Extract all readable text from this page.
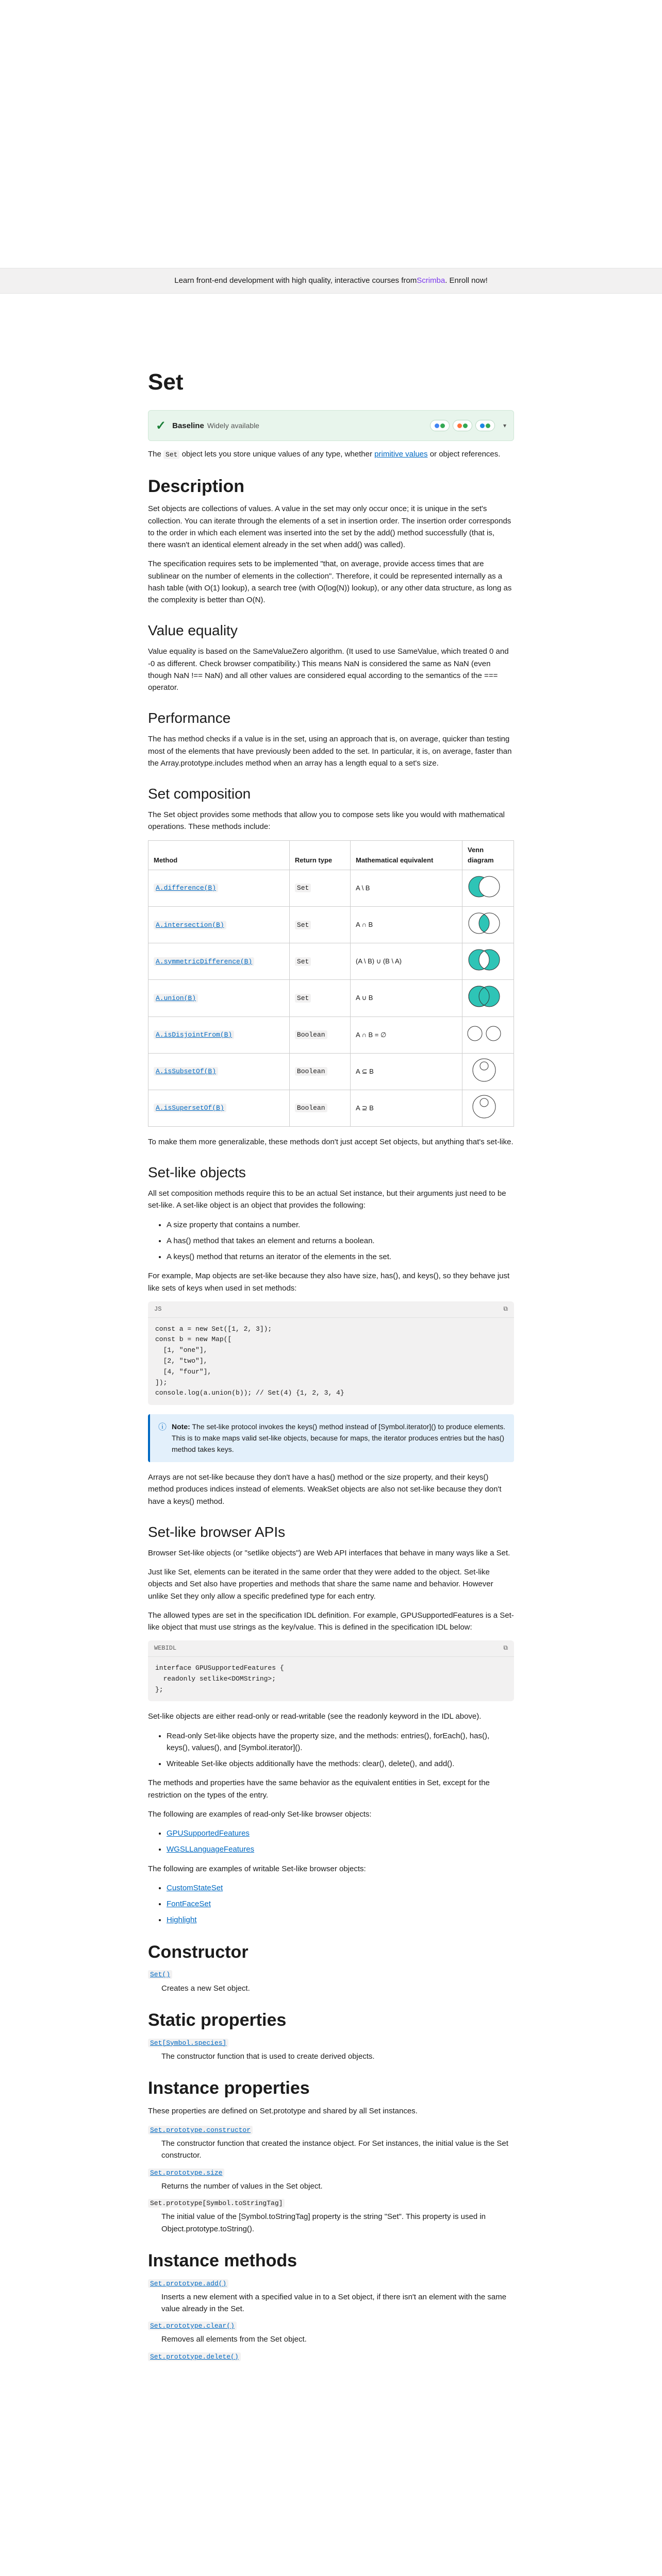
Learn front-end development with high quality, interactive courses from Scrimba . Enroll now!
Set
✓ Baseline Widely available	▾

The Set object lets you store unique values of any type, whether primitive values or object references.

Description

Set objects are collections of values. A value in the set may only occur once; it is unique in the set's collection. You can iterate through the elements of a set in insertion order. The insertion order corresponds to the order in which each element was inserted into the set by the add() method successfully (that is, there wasn't an identical element already in the set when add() was called).

The specification requires sets to be implemented "that, on average, provide access times that are sublinear on the number of elements in the collection". Therefore, it could be represented internally as a hash table (with O(1) lookup), a search tree (with O(log(N)) lookup), or any other data structure, as long as the complexity is better than O(N).

Value equality

Value equality is based on the SameValueZero algorithm. (It used to use SameValue, which treated 0 and -0 as different. Check browser compatibility.) This means NaN is considered the same as NaN (even though NaN !== NaN) and all other values are considered equal according to the semantics of the === operator.

Performance

The has method checks if a value is in the set, using an approach that is, on average, quicker than testing most of the elements that have previously been added to the set. In particular, it is, on average, faster than the Array.prototype.includes method when an array has a length equal to a set's size.

Set composition

The Set object provides some methods that allow you to compose sets like you would with mathematical operations. These methods include:

Method	Return type	Mathematical equivalent	Venn diagram
A.difference(B)	Set	A \ B	
A.intersection(B)	Set	A ∩ B	
A.symmetricDifference(B)	Set	(A \ B) ∪ (B \ A)	
A.union(B)	Set	A ∪ B	
A.isDisjointFrom(B)	Boolean	A ∩ B = ∅	
A.isSubsetOf(B)	Boolean	A ⊆ B	
A.isSupersetOf(B)	Boolean	A ⊇ B	

To make them more generalizable, these methods don't just accept Set objects, but anything that's set-like.

Set-like objects

All set composition methods require this to be an actual Set instance, but their arguments just need to be set-like. A set-like object is an object that provides the following:

• A size property that contains a number.
• A has() method that takes an element and returns a boolean.
• A keys() method that returns an iterator of the elements in the set.

For example, Map objects are set-like because they also have size, has(), and keys(), so they behave just like sets of keys when used in set methods:

JS	⧉
const a = new Set([1, 2, 3]);
const b = new Map([
[1, "one"],
[2, "two"],
[4, "four"],
]);
console.log(a.union(b)); // Set(4) {1, 2, 3, 4}
ⓘ Note: The set-like protocol invokes the keys() method instead of [Symbol.iterator]() to produce elements. This is to make maps valid set-like objects, because for maps, the iterator produces entries but the has() method takes keys.

Arrays are not set-like because they don't have a has() method or the size property, and their keys() method produces indices instead of elements. WeakSet objects are also not set-like because they don't have a keys() method.

Set-like browser APIs

Browser Set-like objects (or "setlike objects") are Web API interfaces that behave in many ways like a Set.

Just like Set, elements can be iterated in the same order that they were added to the object. Set-like objects and Set also have properties and methods that share the same name and behavior. However unlike Set they only allow a specific predefined type for each entry.

The allowed types are set in the specification IDL definition. For example, GPUSupportedFeatures is a Set-like object that must use strings as the key/value. This is defined in the specification IDL below:

WEBIDL	⧉
interface GPUSupportedFeatures {
readonly setlike<DOMString>;
};

Set-like objects are either read-only or read-writable (see the readonly keyword in the IDL above).

• Read-only Set-like objects have the property size, and the methods: entries(), forEach(), has(), keys(), values(), and [Symbol.iterator]().
• Writeable Set-like objects additionally have the methods: clear(), delete(), and add().

The methods and properties have the same behavior as the equivalent entities in Set, except for the restriction on the types of the entry.

The following are examples of read-only Set-like browser objects:

• GPUSupportedFeatures
• WGSLLanguageFeatures

The following are examples of writable Set-like browser objects:

• CustomStateSet
• FontFaceSet
• Highlight
Constructor
Set()
Creates a new Set object.
Static properties
Set[Symbol.species]
The constructor function that is used to create derived objects.
Instance properties

These properties are defined on Set.prototype and shared by all Set instances.

Set.prototype.constructor
The constructor function that created the instance object. For Set instances, the initial value is the Set constructor.
Set.prototype.size
Returns the number of values in the Set object.
Set.prototype[Symbol.toStringTag]
The initial value of the [Symbol.toStringTag] property is the string "Set". This property is used in Object.prototype.toString().
Instance methods
Set.prototype.add()
Inserts a new element with a specified value in to a Set object, if there isn't an element with the same value already in the Set.
Set.prototype.clear()
Removes all elements from the Set object.
Set.prototype.delete()
